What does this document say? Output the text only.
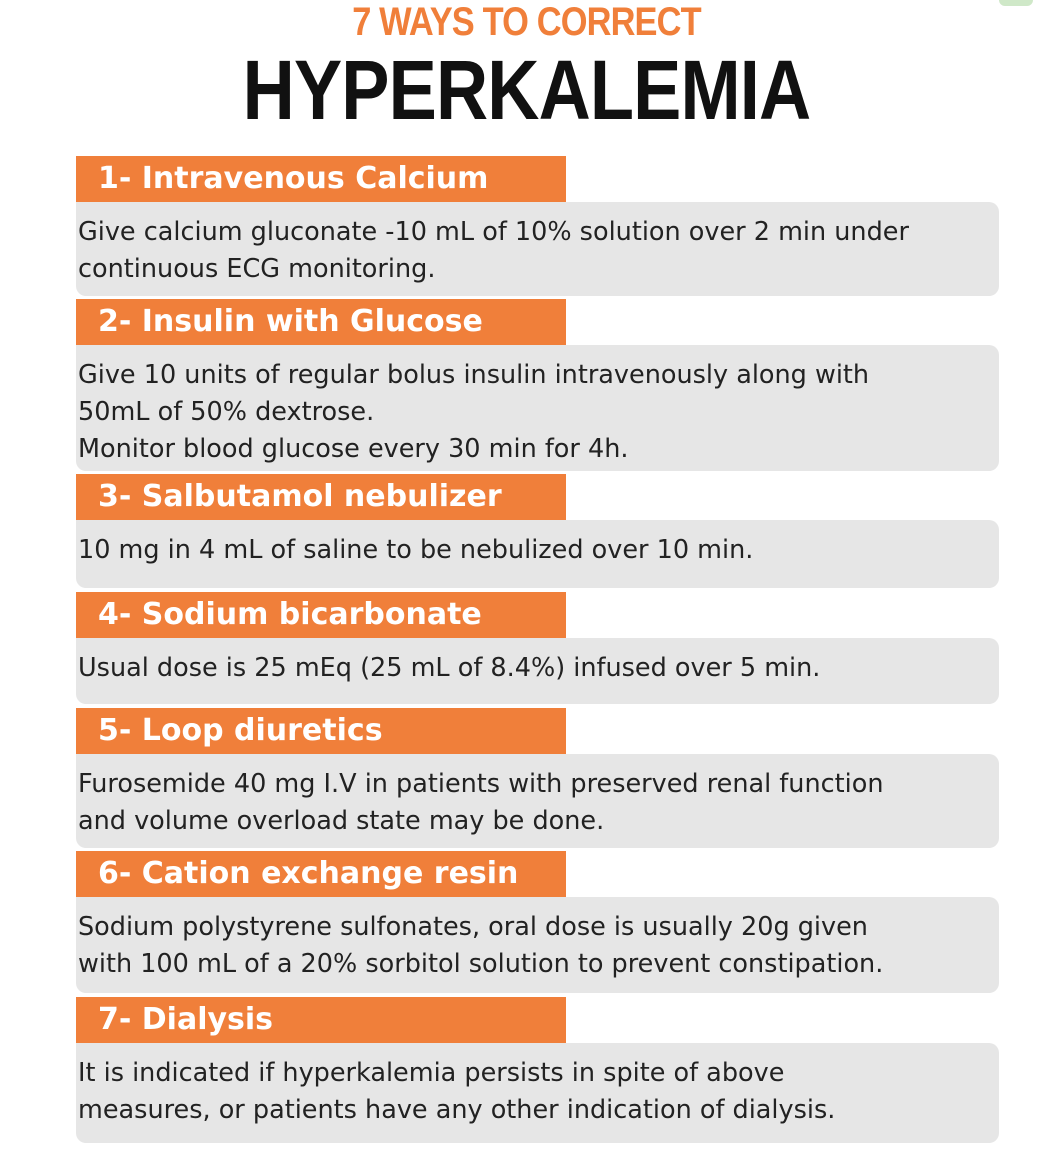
7 WAYS TO CORRECT
HYPERKALEMIA
1- Intravenous Calcium
Give calcium gluconate -10 mL of 10% solution over 2 min under
continuous ECG monitoring.
2- Insulin with Glucose
Give 10 units of regular bolus insulin intravenously along with
50mL of 50% dextrose.
Monitor blood glucose every 30 min for 4h.
3- Salbutamol nebulizer
10 mg in 4 mL of saline to be nebulized over 10 min.
4- Sodium bicarbonate
Usual dose is 25 mEq (25 mL of 8.4%) infused over 5 min.
5- Loop diuretics
Furosemide 40 mg I.V in patients with preserved renal function
and volume overload state may be done.
6- Cation exchange resin
Sodium polystyrene sulfonates, oral dose is usually 20g given
with 100 mL of a 20% sorbitol solution to prevent constipation.
7- Dialysis
It is indicated if hyperkalemia persists in spite of above
measures, or patients have any other indication of dialysis.
